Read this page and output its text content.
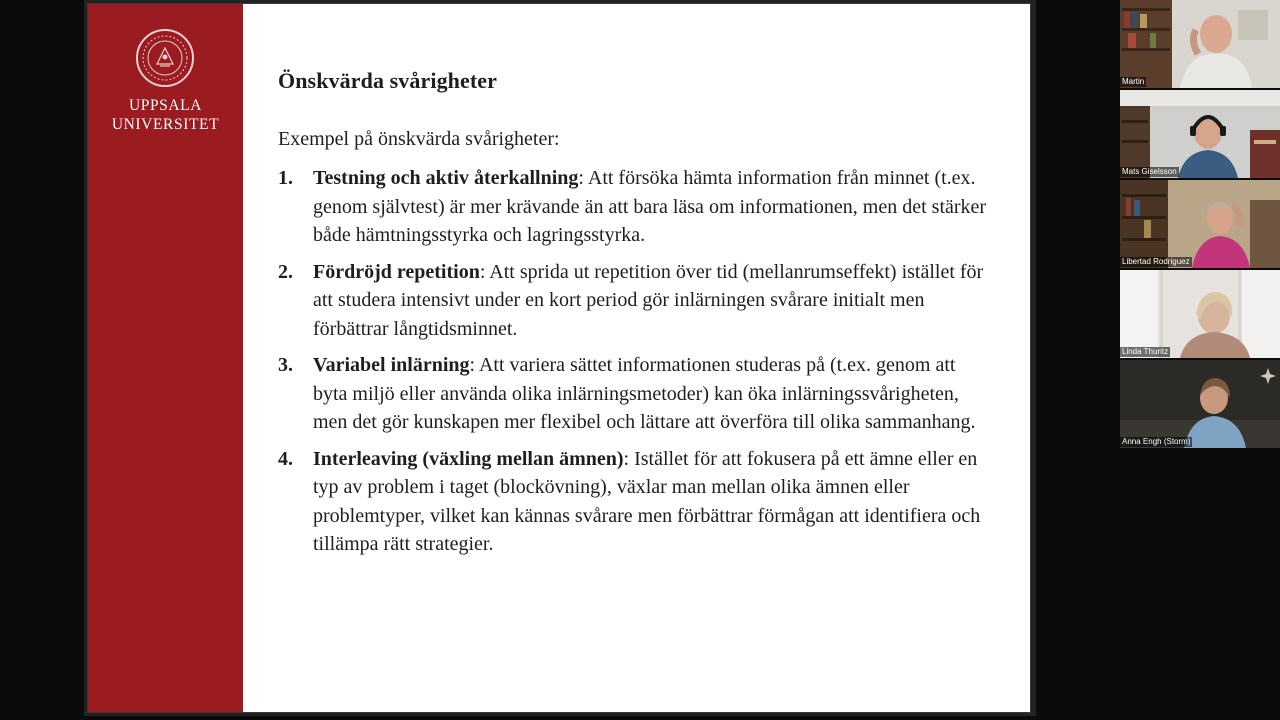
UPPSALA
UNIVERSITET
Önskvärda svårigheter
Exempel på önskvärda svårigheter:
1. Testning och aktiv återkallning: Att försöka hämta information från minnet (t.ex. genom självtest) är mer krävande än att bara läsa om informationen, men det stärker både hämtningsstyrka och lagringsstyrka.
2. Fördröjd repetition: Att sprida ut repetition över tid (mellanrumseffekt) istället för att studera intensivt under en kort period gör inlärningen svårare initialt men förbättrar långtidsminnet.
3. Variabel inlärning: Att variera sättet informationen studeras på (t.ex. genom att byta miljö eller använda olika inlärningsmetoder) kan öka inlärningssvårigheten, men det gör kunskapen mer flexibel och lättare att överföra till olika sammanhang.
4. Interleaving (växling mellan ämnen): Istället för att fokusera på ett ämne eller en typ av problem i taget (blockövning), växlar man mellan olika ämnen eller problemtyper, vilket kan kännas svårare men förbättrar förmågan att identifiera och tillämpa rätt strategier.
Martin
Mats Giselsson
Libertad Rodriguez
Linda Thuritz
Anna Engh (Storm)
